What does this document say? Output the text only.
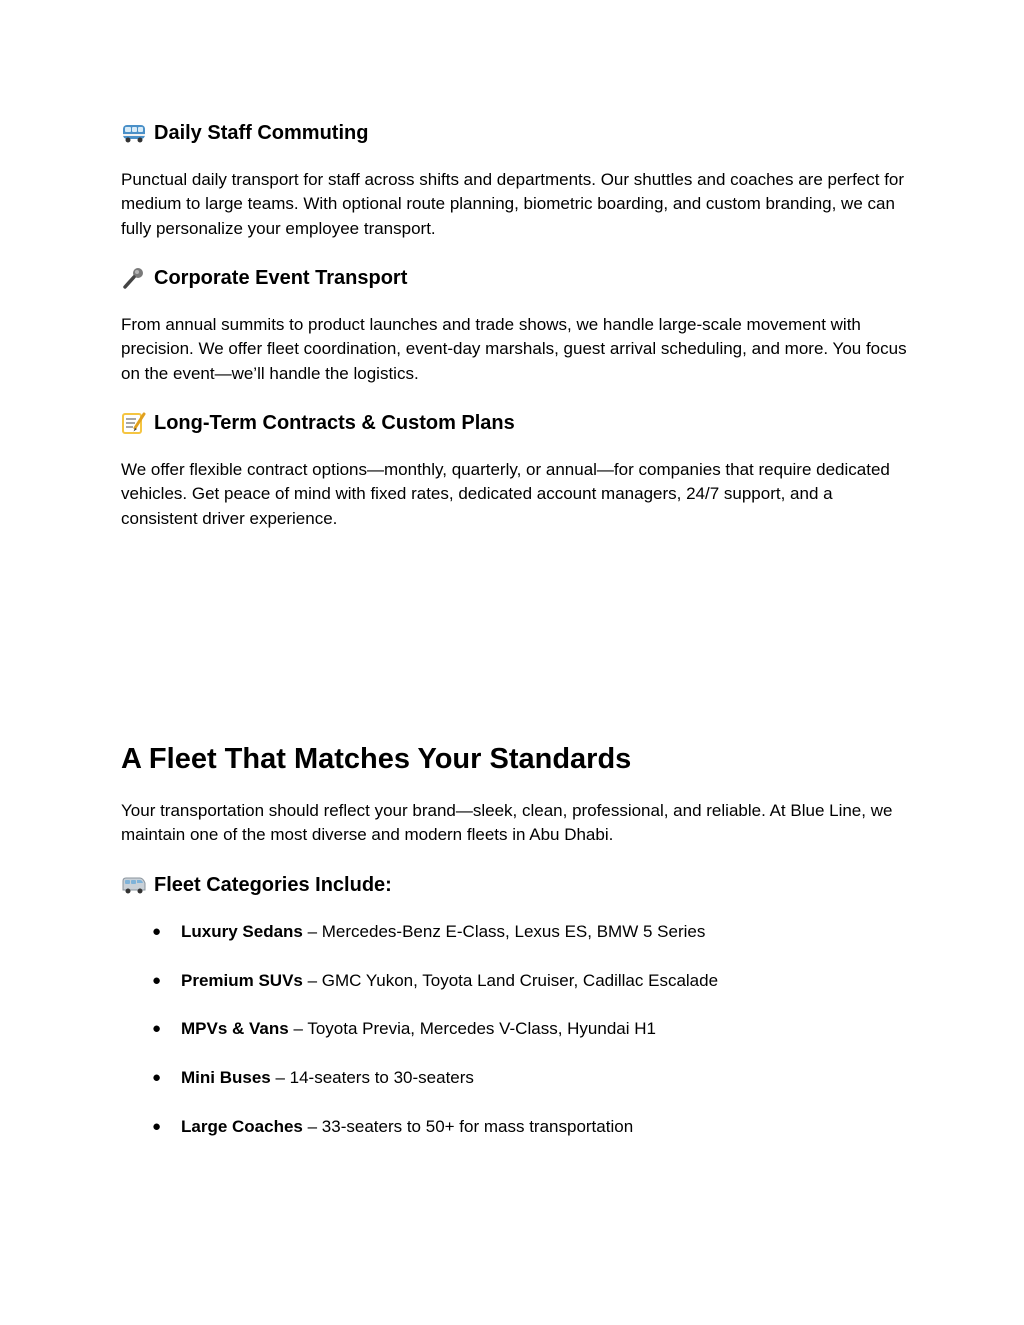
Daily Staff Commuting

Punctual daily transport for staff across shifts and departments. Our shuttles and coaches are perfect for medium to large teams. With optional route planning, biometric boarding, and custom branding, we can fully personalize your employee transport.

Corporate Event Transport

From annual summits to product launches and trade shows, we handle large-scale movement with precision. We offer fleet coordination, event-day marshals, guest arrival scheduling, and more. You focus on the event—we’ll handle the logistics.

Long-Term Contracts & Custom Plans

We offer flexible contract options—monthly, quarterly, or annual—for companies that require dedicated vehicles. Get peace of mind with fixed rates, dedicated account managers, 24/7 support, and a consistent driver experience.

A Fleet That Matches Your Standards

Your transportation should reflect your brand—sleek, clean, professional, and reliable. At Blue Line, we maintain one of the most diverse and modern fleets in Abu Dhabi.

Fleet Categories Include:
● Luxury Sedans – Mercedes-Benz E-Class, Lexus ES, BMW 5 Series
● Premium SUVs – GMC Yukon, Toyota Land Cruiser, Cadillac Escalade
● MPVs & Vans – Toyota Previa, Mercedes V-Class, Hyundai H1
● Mini Buses – 14-seaters to 30-seaters
● Large Coaches – 33-seaters to 50+ for mass transportation
